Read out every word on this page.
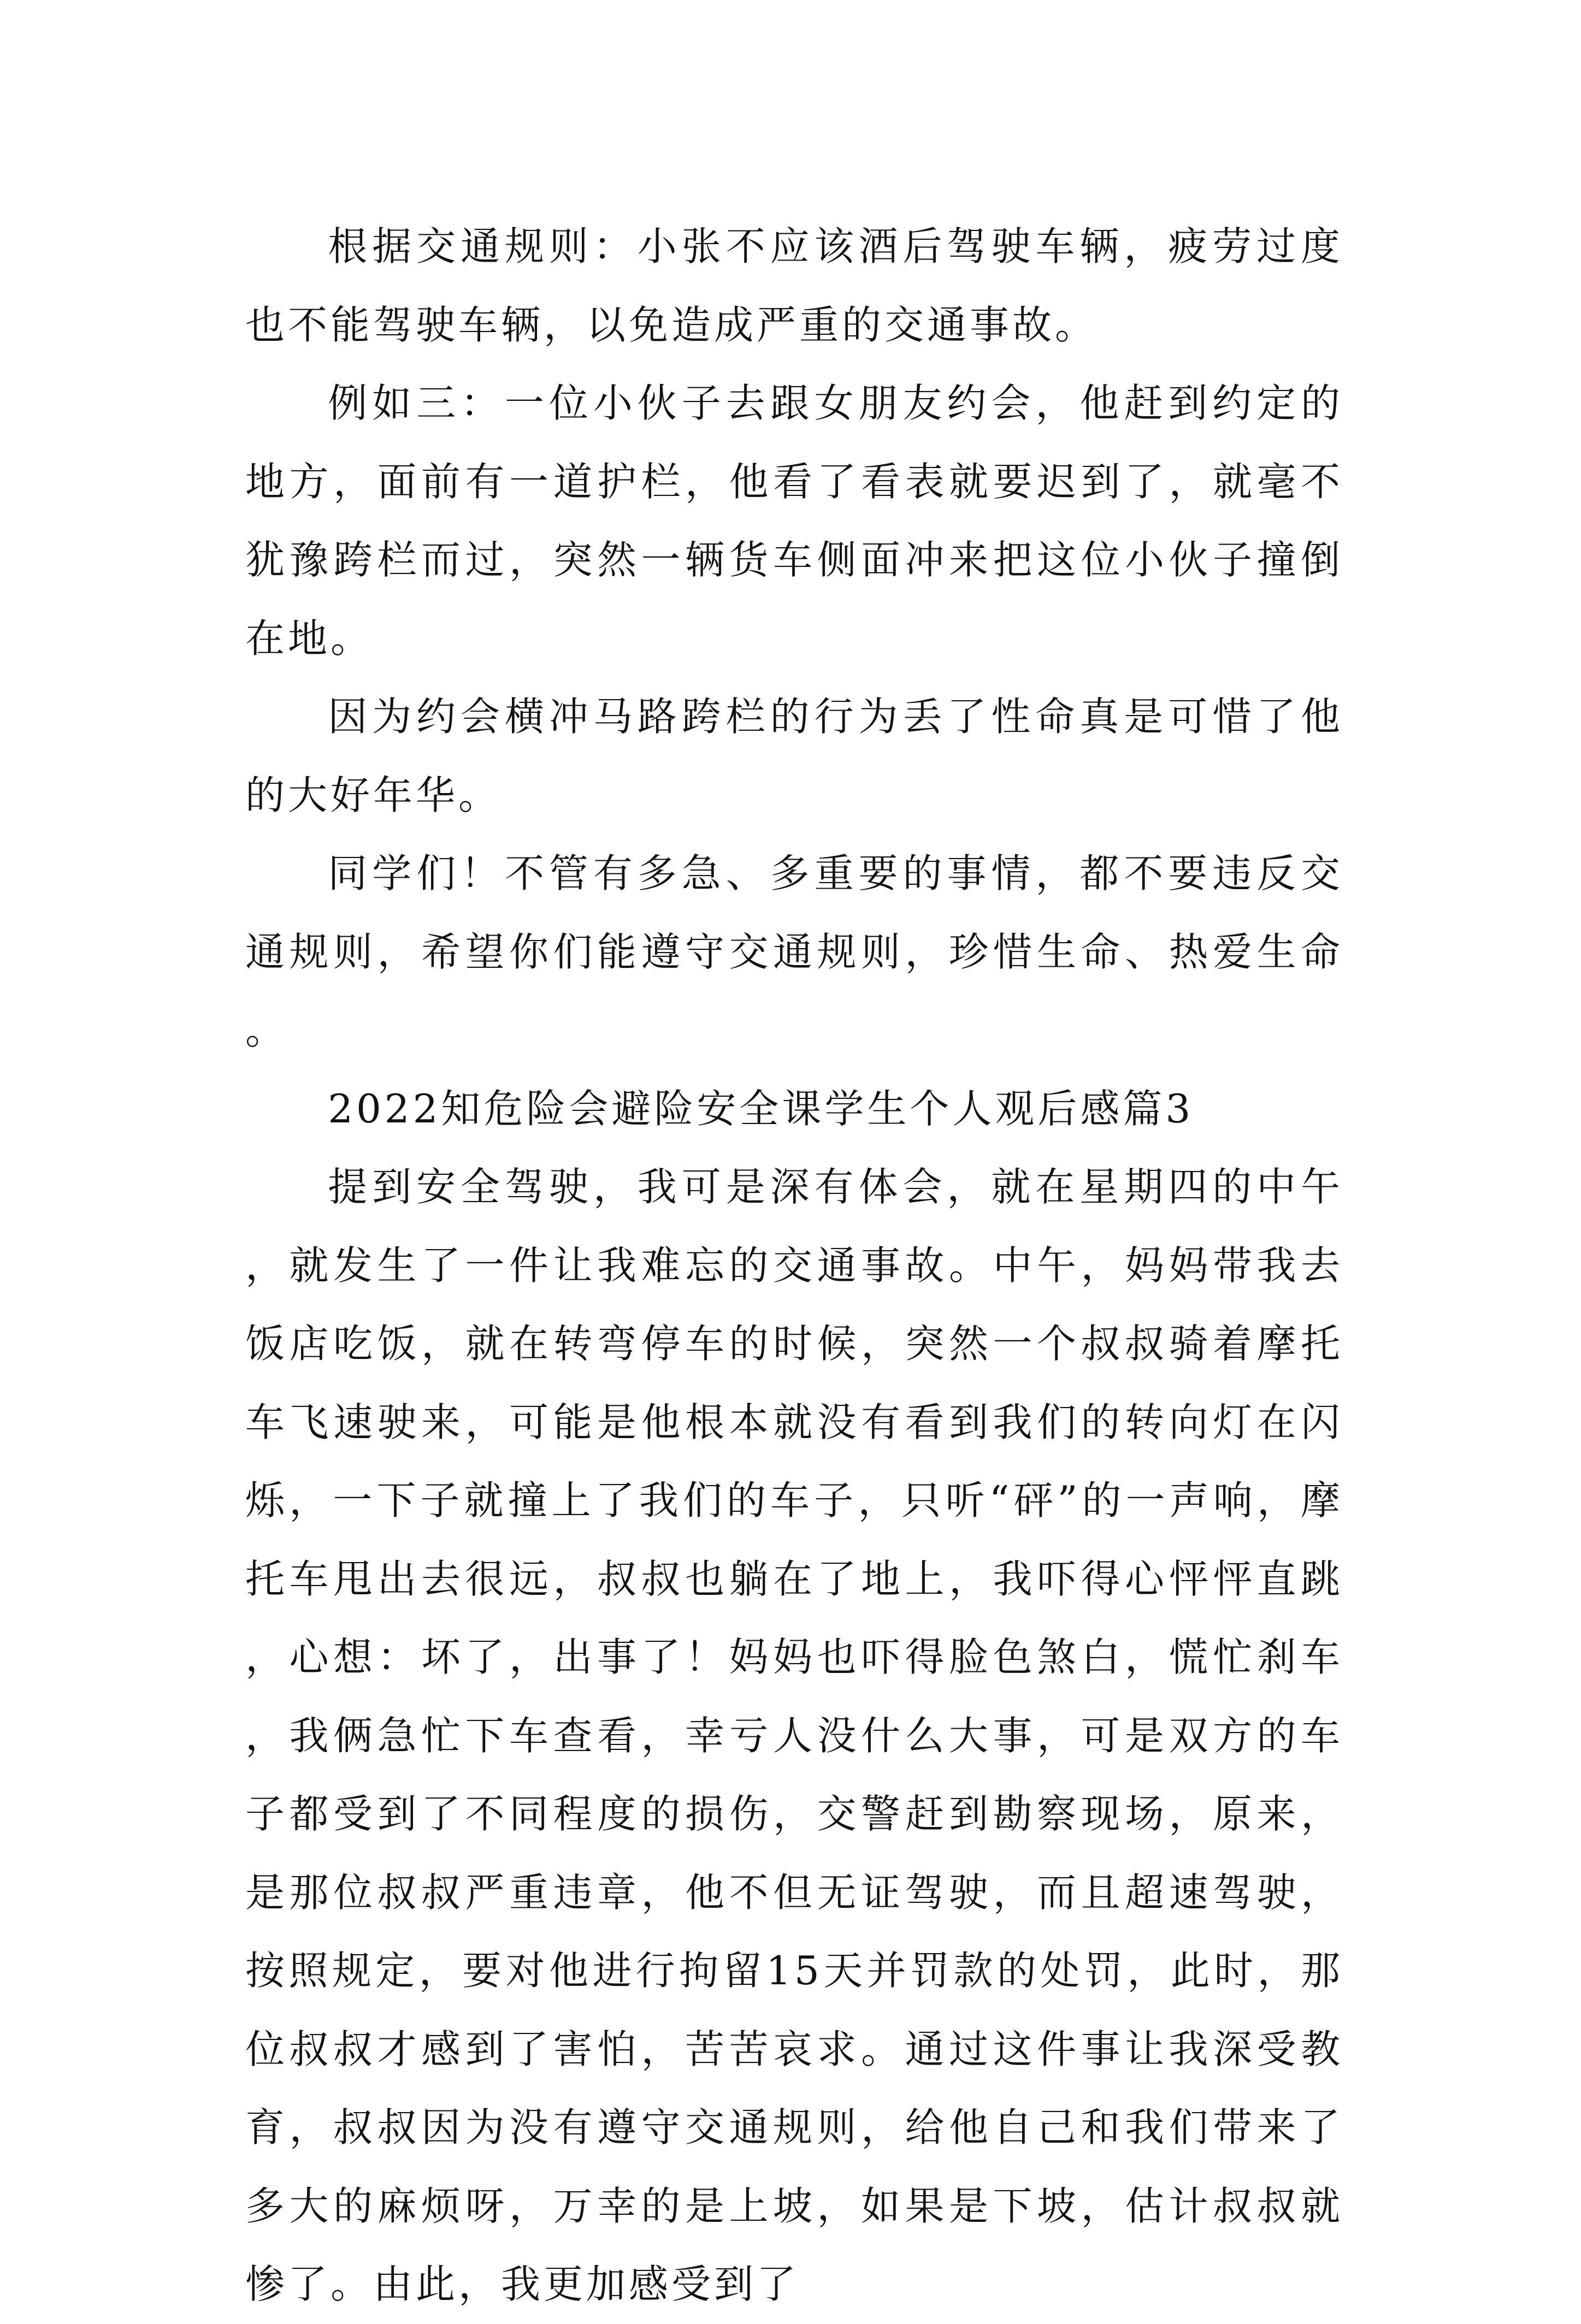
根据交通规则：小张不应该酒后驾驶车辆，疲劳过度也不能驾驶车辆，以免造成严重的交通事故。

例如三：一位小伙子去跟女朋友约会，他赶到约定的地方，面前有一道护栏，他看了看表就要迟到了，就毫不犹豫跨栏而过，突然一辆货车侧面冲来把这位小伙子撞倒在地。

因为约会横冲马路跨栏的行为丢了性命真是可惜了他的大好年华。

同学们！不管有多急、多重要的事情，都不要违反交通规则，希望你们能遵守交通规则，珍惜生命、热爱生命。

2022知危险会避险安全课学生个人观后感篇3

提到安全驾驶，我可是深有体会，就在星期四的中午，就发生了一件让我难忘的交通事故。中午，妈妈带我去饭店吃饭，就在转弯停车的时候，突然一个叔叔骑着摩托车飞速驶来，可能是他根本就没有看到我们的转向灯在闪烁，一下子就撞上了我们的车子，只听“砰”的一声响，摩托车甩出去很远，叔叔也躺在了地上，我吓得心怦怦直跳，心想：坏了，出事了！妈妈也吓得脸色煞白，慌忙刹车，我俩急忙下车查看，幸亏人没什么大事，可是双方的车子都受到了不同程度的损伤，交警赶到勘察现场，原来，是那位叔叔严重违章，他不但无证驾驶，而且超速驾驶，按照规定，要对他进行拘留15天并罚款的处罚，此时，那位叔叔才感到了害怕，苦苦哀求。通过这件事让我深受教育，叔叔因为没有遵守交通规则，给他自己和我们带来了多大的麻烦呀，万幸的是上坡，如果是下坡，估计叔叔就惨了。由此，我更加感受到了
